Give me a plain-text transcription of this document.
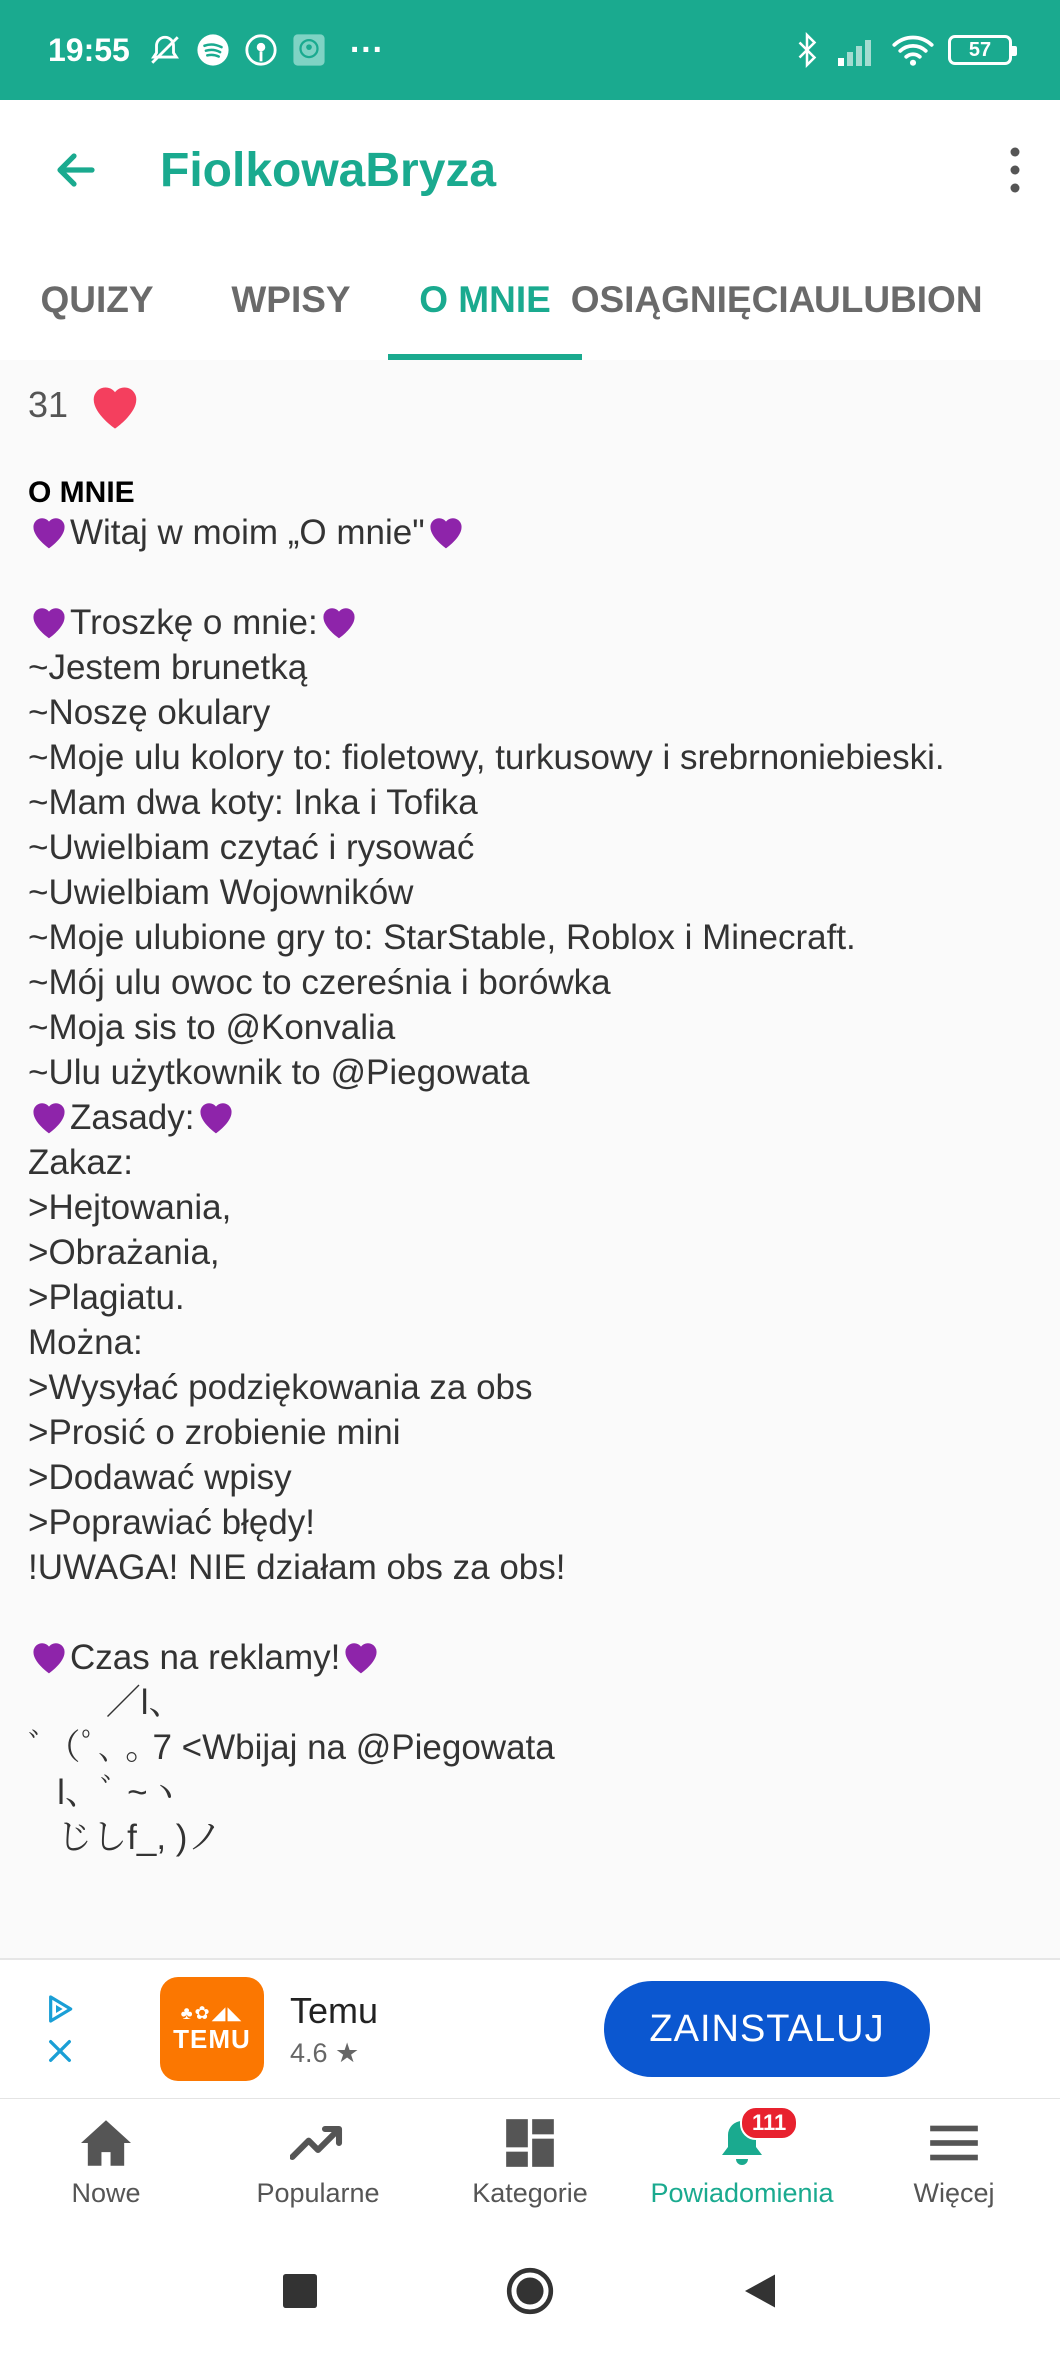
19:55	···	57
FiolkowaBryza
QUIZY WPISY O MNIE OSIĄGNIĘCIA
ULUBION
31
O MNIE
Witaj w moim „O mnie"
Troszkę o mnie:
~Jestem brunetką
~Noszę okulary
~Moje ulu kolory to: fioletowy, turkusowy i srebrnoniebieski.
~Mam dwa koty: Inka i Tofika
~Uwielbiam czytać i rysować
~Uwielbiam Wojowników
~Moje ulubione gry to: StarStable, Roblox i Minecraft.
~Mój ulu owoc to czereśnia i borówka
~Moja sis to @Konvalia
~Ulu użytkownik to @Piegowata
Zasady:
Zakaz:
>Hejtowania,
>Obrażania,
>Plagiatu.
Można:
>Wysyłać podziękowania za obs
>Prosić o zrobienie mini
>Dodawać wpisy
>Poprawiać błędy!
!UWAGA! NIE działam obs za obs!
Czas na reklamy!
／l、
ﾞ（ﾟ､ ｡ 7 <Wbijaj na @Piegowata
l、ﾞ ~ヽ
じしf_, )ノ
♣✿◢◣
TEMU
Temu
4.6 ★
ZAINSTALUJ
Nowe	Popularne	Kategorie
111
Powiadomienia	Więcej
